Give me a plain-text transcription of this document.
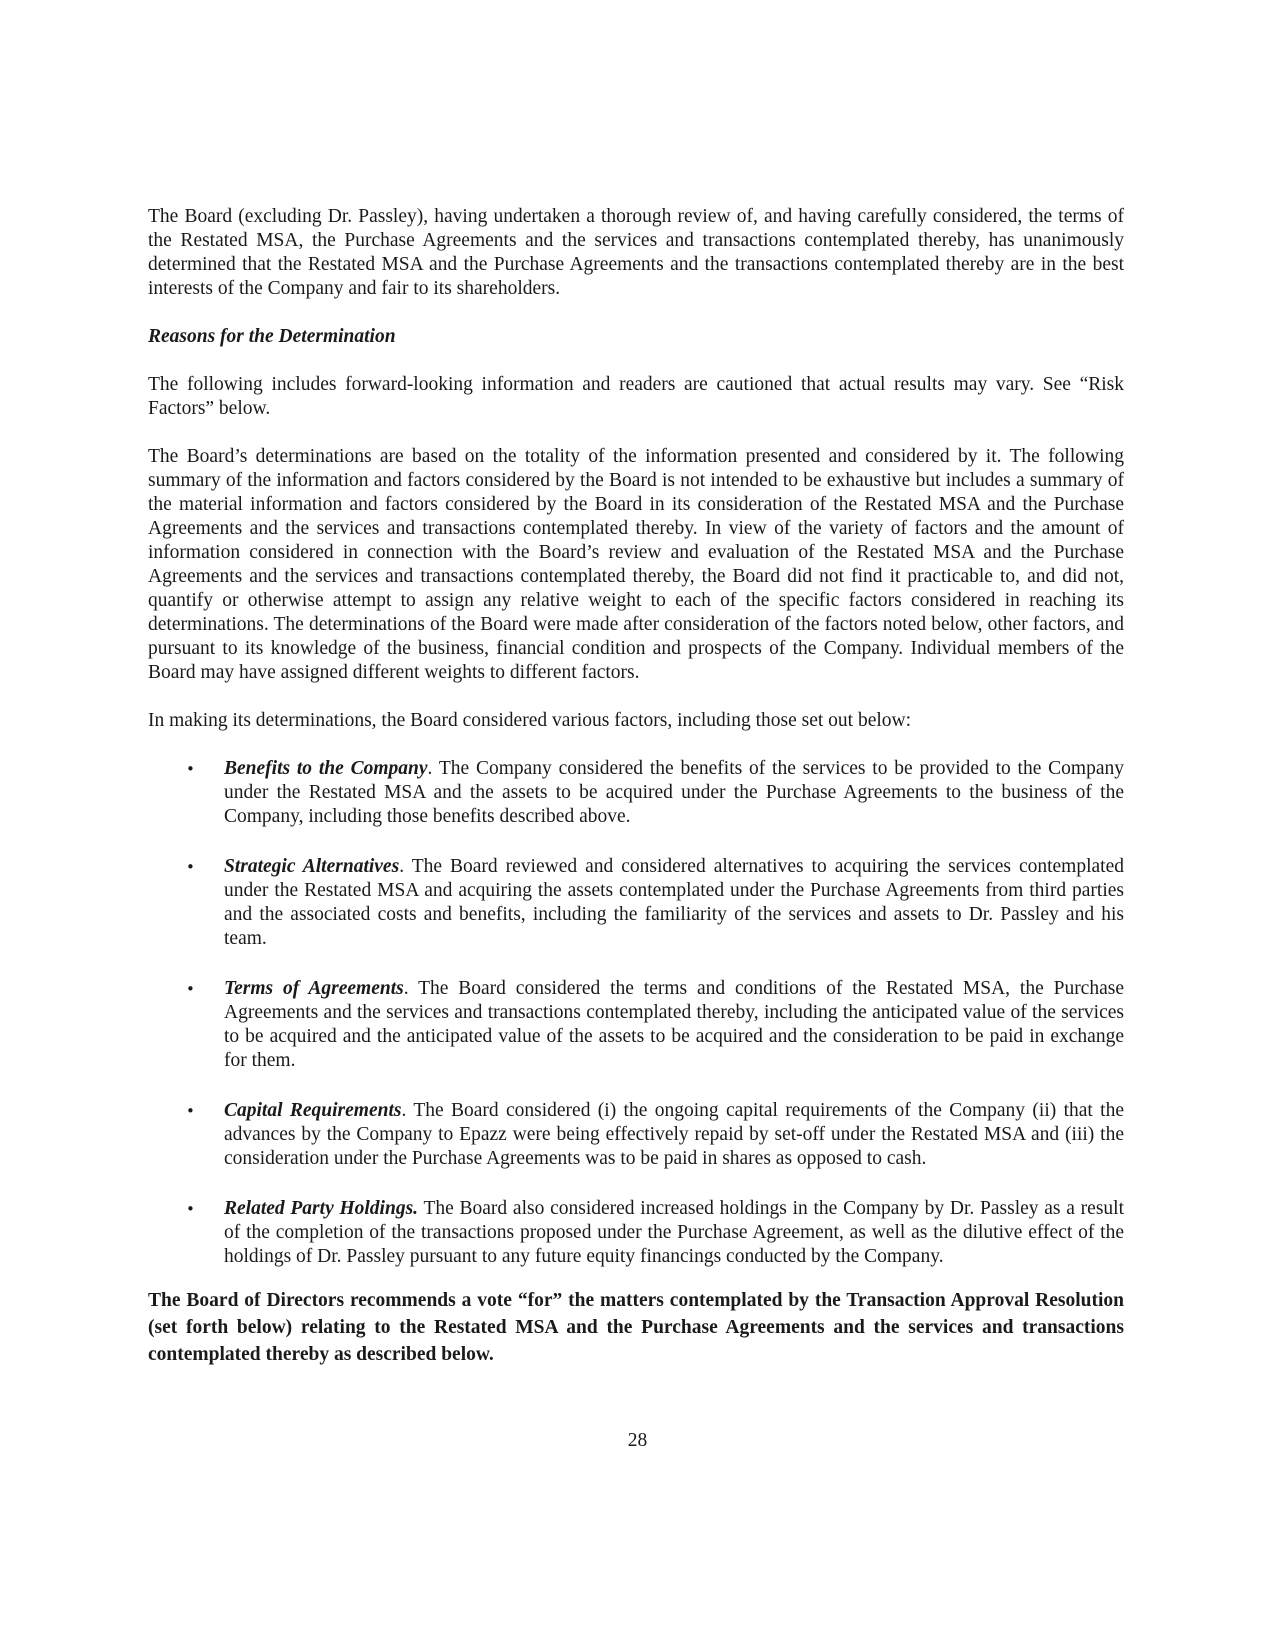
The Board (excluding Dr. Passley), having undertaken a thorough review of, and having carefully considered, the terms of the Restated MSA, the Purchase Agreements and the services and transactions contemplated thereby, has unanimously determined that the Restated MSA and the Purchase Agreements and the transactions contemplated thereby are in the best interests of the Company and fair to its shareholders.

Reasons for the Determination

The following includes forward-looking information and readers are cautioned that actual results may vary. See “Risk Factors” below.

The Board’s determinations are based on the totality of the information presented and considered by it. The following summary of the information and factors considered by the Board is not intended to be exhaustive but includes a summary of the material information and factors considered by the Board in its consideration of the Restated MSA and the Purchase Agreements and the services and transactions contemplated thereby. In view of the variety of factors and the amount of information considered in connection with the Board’s review and evaluation of the Restated MSA and the Purchase Agreements and the services and transactions contemplated thereby, the Board did not find it practicable to, and did not, quantify or otherwise attempt to assign any relative weight to each of the specific factors considered in reaching its determinations. The determinations of the Board were made after consideration of the factors noted below, other factors, and pursuant to its knowledge of the business, financial condition and prospects of the Company. Individual members of the Board may have assigned different weights to different factors.

In making its determinations, the Board considered various factors, including those set out below:

• Benefits to the Company. The Company considered the benefits of the services to be provided to the Company under the Restated MSA and the assets to be acquired under the Purchase Agreements to the business of the Company, including those benefits described above.
• Strategic Alternatives. The Board reviewed and considered alternatives to acquiring the services contemplated under the Restated MSA and acquiring the assets contemplated under the Purchase Agreements from third parties and the associated costs and benefits, including the familiarity of the services and assets to Dr. Passley and his team.
• Terms of Agreements. The Board considered the terms and conditions of the Restated MSA, the Purchase Agreements and the services and transactions contemplated thereby, including the anticipated value of the services to be acquired and the anticipated value of the assets to be acquired and the consideration to be paid in exchange for them.
• Capital Requirements. The Board considered (i) the ongoing capital requirements of the Company (ii) that the advances by the Company to Epazz were being effectively repaid by set-off under the Restated MSA and (iii) the consideration under the Purchase Agreements was to be paid in shares as opposed to cash.
• Related Party Holdings. The Board also considered increased holdings in the Company by Dr. Passley as a result of the completion of the transactions proposed under the Purchase Agreement, as well as the dilutive effect of the holdings of Dr. Passley pursuant to any future equity financings conducted by the Company.

The Board of Directors recommends a vote “for” the matters contemplated by the Transaction Approval Resolution (set forth below) relating to the Restated MSA and the Purchase Agreements and the services and transactions contemplated thereby as described below.

28
